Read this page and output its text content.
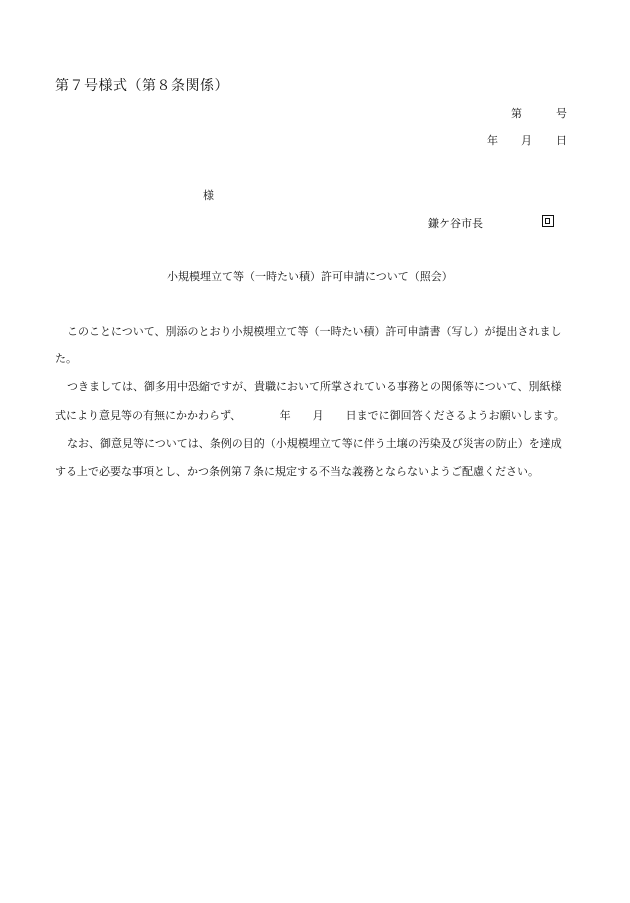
第７号様式（第８条関係）
第	号
年 月 日
様
鎌ケ谷市長
小規模埋立て等（一時たい積）許可申請について（照会）
このことについて、別添のとおり小規模埋立て等（一時たい積）許可申請書（写し）が提出されまし
た。
つきましては、御多用中恐縮ですが、貴職において所掌されている事務との関係等について、別紙様
式により意見等の有無にかかわらず、　　　　年　　月　　日までに御回答くださるようお願いします。
なお、御意見等については、条例の目的（小規模埋立て等に伴う土壌の汚染及び災害の防止）を達成
する上で必要な事項とし、かつ条例第７条に規定する不当な義務とならないようご配慮ください。
